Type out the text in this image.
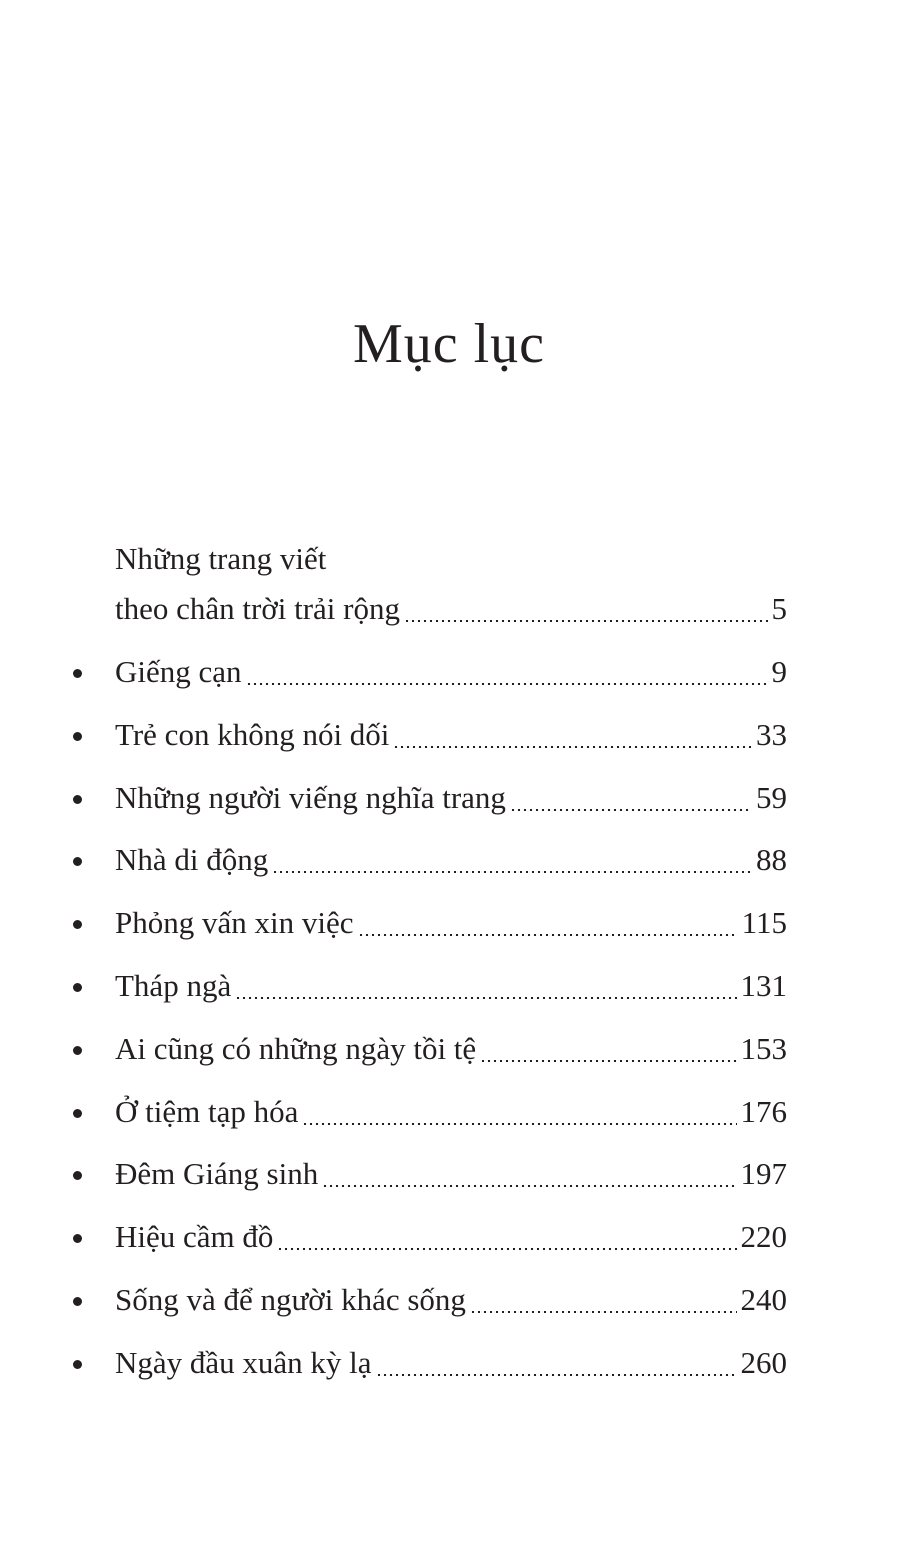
Mục lục
Những trang viết
theo chân trời trải rộng	5
Giếng cạn	9
Trẻ con không nói dối	33
Những người viếng nghĩa trang	59
Nhà di động	88
Phỏng vấn xin việc	115
Tháp ngà	131
Ai cũng có những ngày tồi tệ	153
Ở tiệm tạp hóa	176
Đêm Giáng sinh	197
Hiệu cầm đồ	220
Sống và để người khác sống	240
Ngày đầu xuân kỳ lạ	260
